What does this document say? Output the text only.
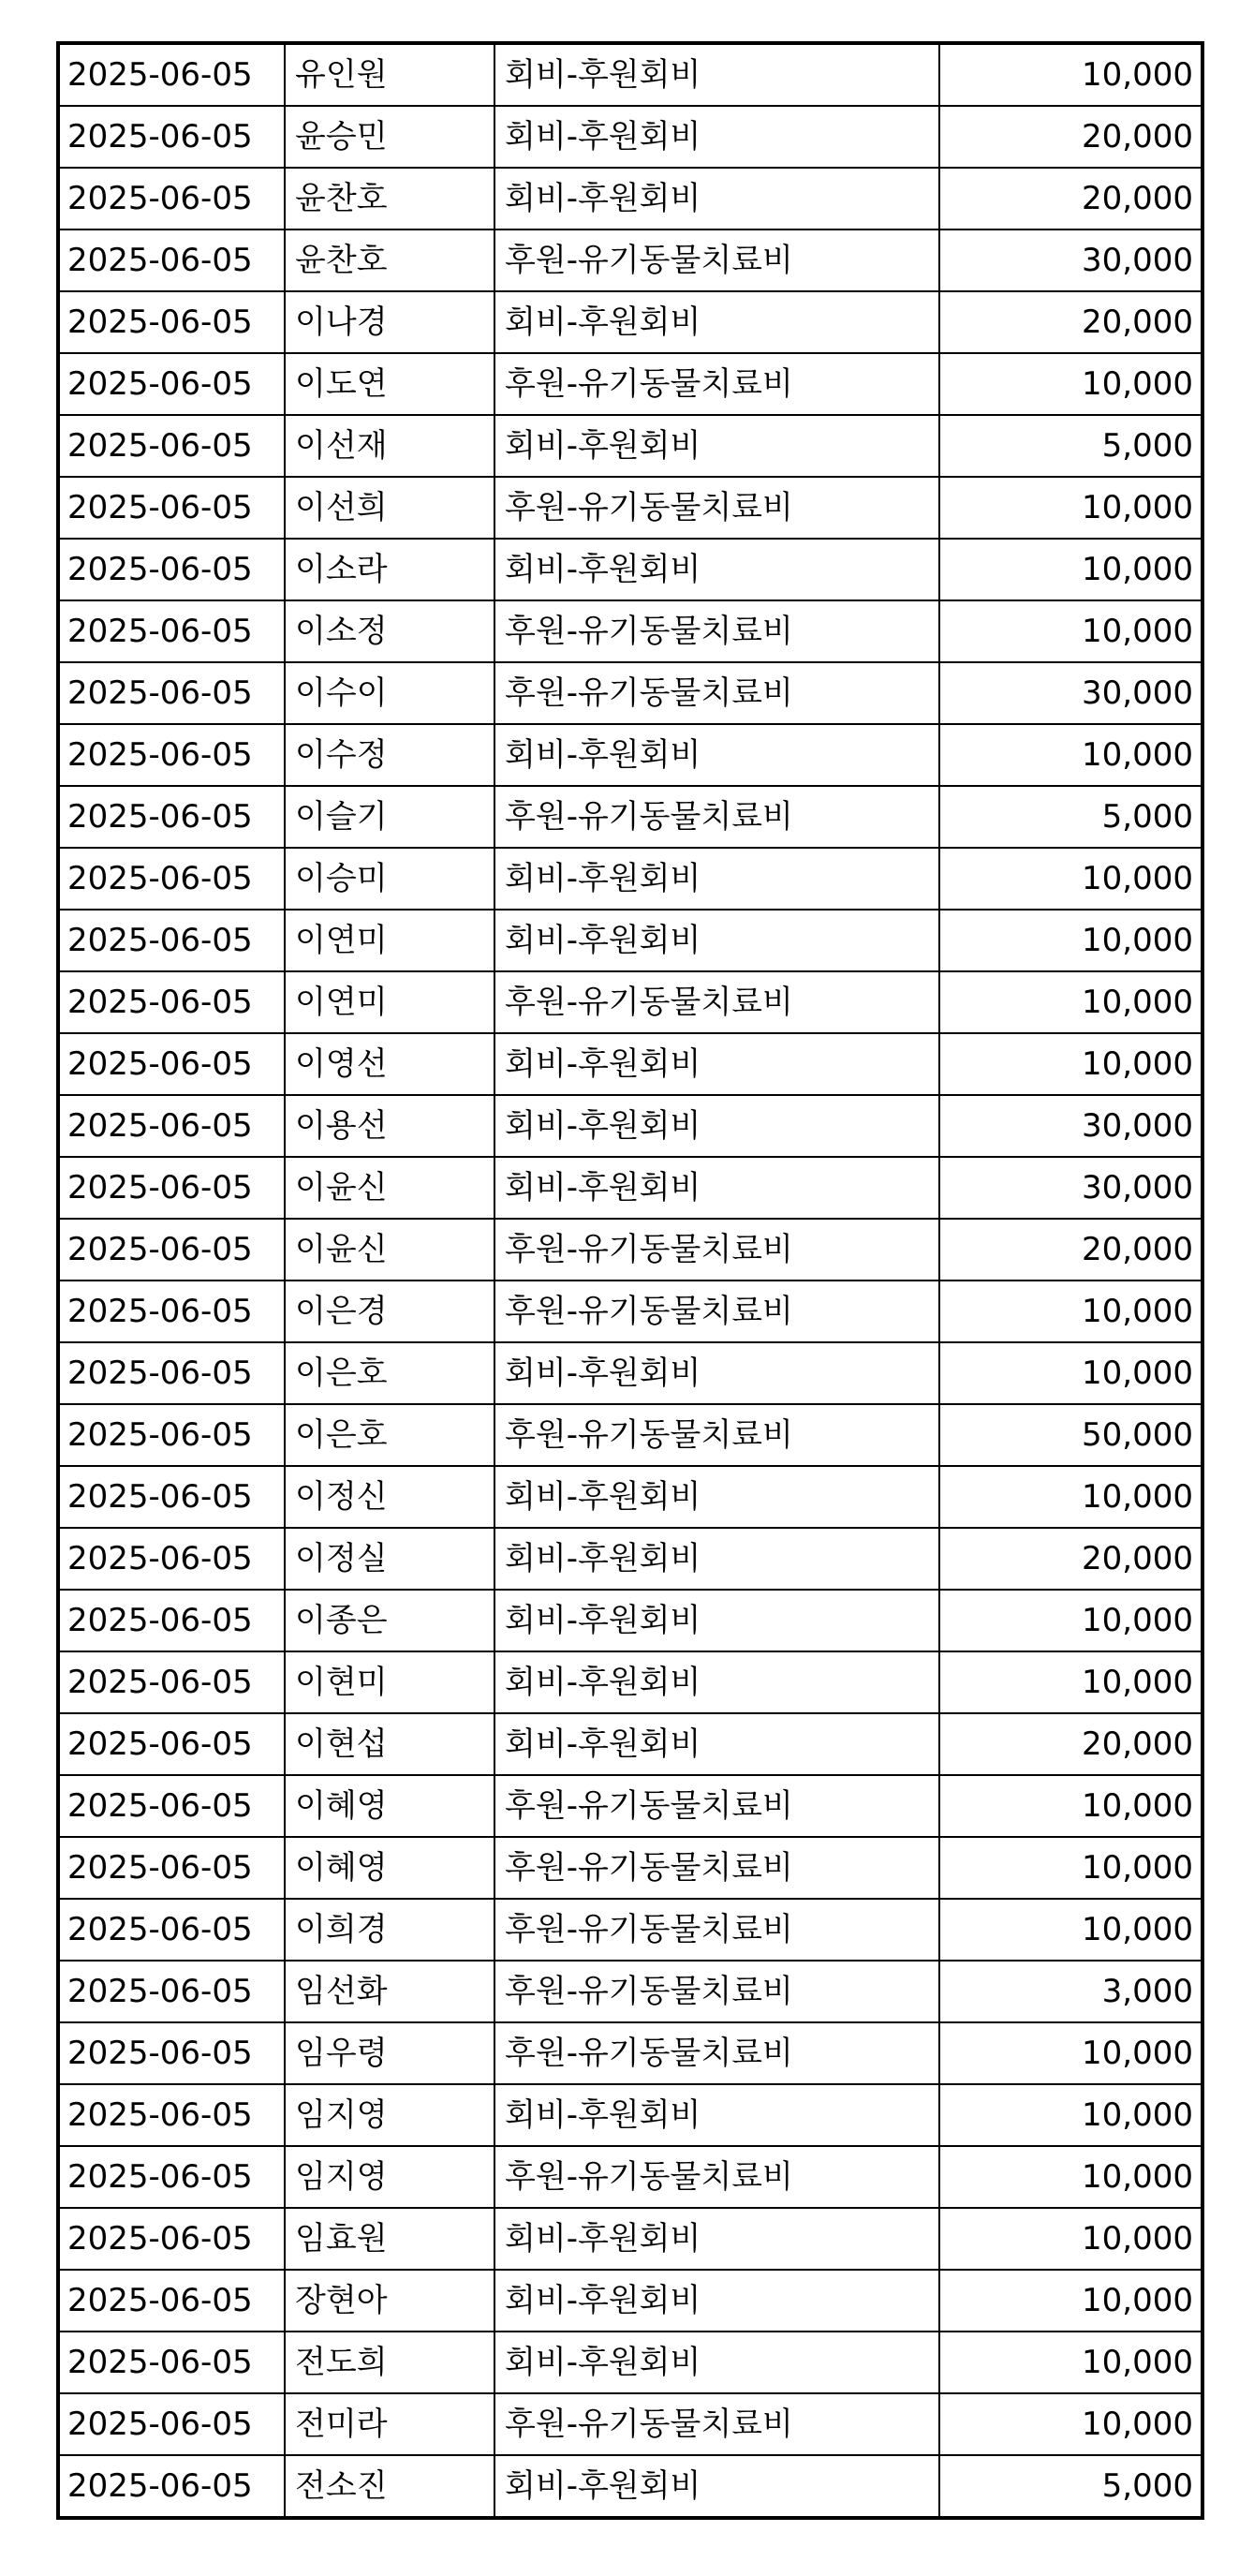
2025-06-05	유인원	회비-후원회비	10,000
2025-06-05	윤승민	회비-후원회비	20,000
2025-06-05	윤찬호	회비-후원회비	20,000
2025-06-05	윤찬호	후원-유기동물치료비	30,000
2025-06-05	이나경	회비-후원회비	20,000
2025-06-05	이도연	후원-유기동물치료비	10,000
2025-06-05	이선재	회비-후원회비	5,000
2025-06-05	이선희	후원-유기동물치료비	10,000
2025-06-05	이소라	회비-후원회비	10,000
2025-06-05	이소정	후원-유기동물치료비	10,000
2025-06-05	이수이	후원-유기동물치료비	30,000
2025-06-05	이수정	회비-후원회비	10,000
2025-06-05	이슬기	후원-유기동물치료비	5,000
2025-06-05	이승미	회비-후원회비	10,000
2025-06-05	이연미	회비-후원회비	10,000
2025-06-05	이연미	후원-유기동물치료비	10,000
2025-06-05	이영선	회비-후원회비	10,000
2025-06-05	이용선	회비-후원회비	30,000
2025-06-05	이윤신	회비-후원회비	30,000
2025-06-05	이윤신	후원-유기동물치료비	20,000
2025-06-05	이은경	후원-유기동물치료비	10,000
2025-06-05	이은호	회비-후원회비	10,000
2025-06-05	이은호	후원-유기동물치료비	50,000
2025-06-05	이정신	회비-후원회비	10,000
2025-06-05	이정실	회비-후원회비	20,000
2025-06-05	이종은	회비-후원회비	10,000
2025-06-05	이현미	회비-후원회비	10,000
2025-06-05	이현섭	회비-후원회비	20,000
2025-06-05	이혜영	후원-유기동물치료비	10,000
2025-06-05	이혜영	후원-유기동물치료비	10,000
2025-06-05	이희경	후원-유기동물치료비	10,000
2025-06-05	임선화	후원-유기동물치료비	3,000
2025-06-05	임우령	후원-유기동물치료비	10,000
2025-06-05	임지영	회비-후원회비	10,000
2025-06-05	임지영	후원-유기동물치료비	10,000
2025-06-05	임효원	회비-후원회비	10,000
2025-06-05	장현아	회비-후원회비	10,000
2025-06-05	전도희	회비-후원회비	10,000
2025-06-05	전미라	후원-유기동물치료비	10,000
2025-06-05	전소진	회비-후원회비	5,000
